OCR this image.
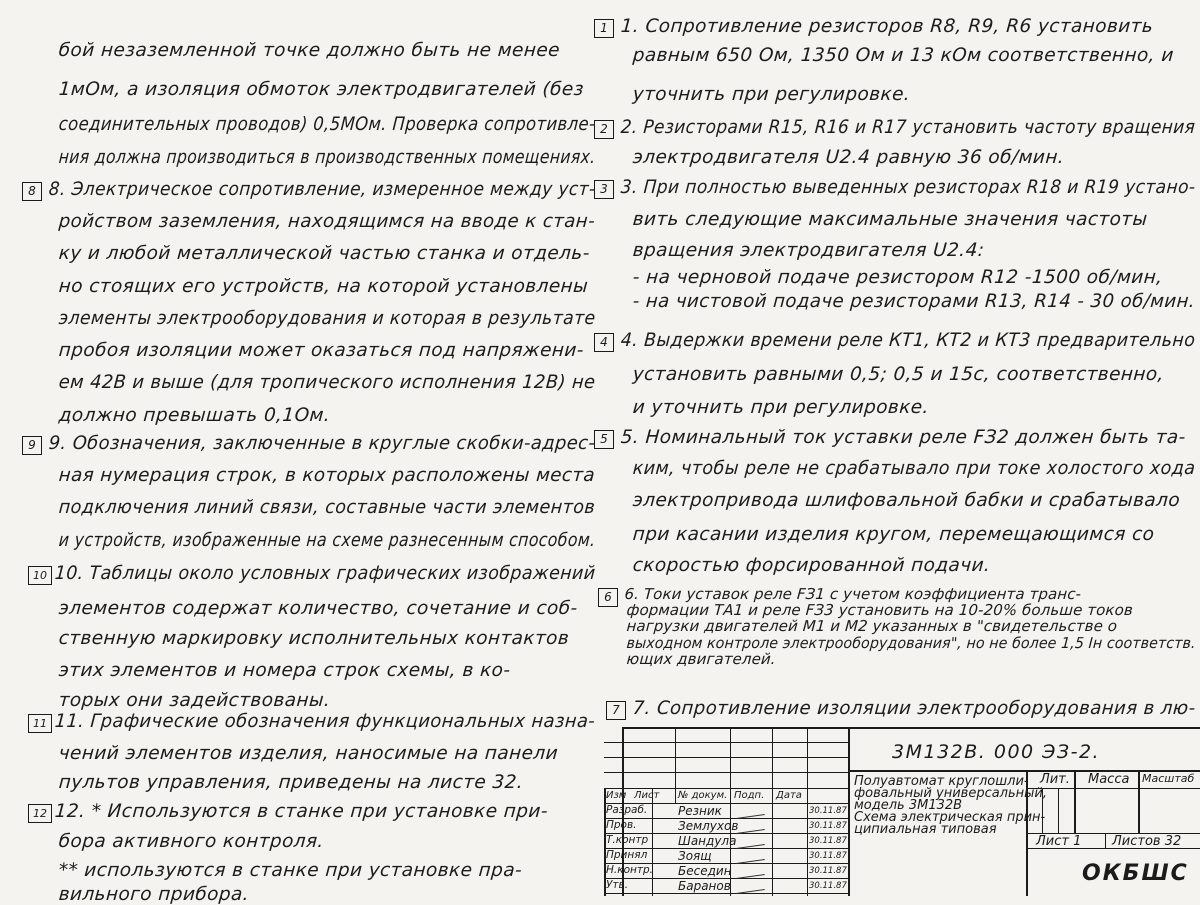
бой незаземленной точке должно быть не менее
1мОм, а изоляция обмоток электродвигателей (без
соединительных проводов) 0,5МОм. Проверка сопротивле-
ния должна производиться в производственных помещениях.
8 8. Электрическое сопротивление, измеренное между уст-
ройством заземления, находящимся на вводе к стан-
ку и любой металлической частью станка и отдель-
но стоящих его устройств, на которой установлены
элементы электрооборудования и которая в результате
пробоя изоляции может оказаться под напряжени-
ем 42В и выше (для тропического исполнения 12В) не
должно превышать 0,1Ом.
9 9. Обозначения, заключенные в круглые скобки-адрес-
ная нумерация строк, в которых расположены места
подключения линий связи, составные части элементов
и устройств, изображенные на схеме разнесенным способом.
10 10. Таблицы около условных графических изображений
элементов содержат количество, сочетание и соб-
ственную маркировку исполнительных контактов
этих элементов и номера строк схемы, в ко-
торых они задействованы.
11 11. Графические обозначения функциональных назна-
чений элементов изделия, наносимые на панели
пультов управления, приведены на листе 32.
12 12. * Используются в станке при установке при-
бора активного контроля.
** используются в станке при установке пра-
вильного прибора.
1 1. Сопротивление резисторов R8, R9, R6 установить
равным 650 Ом, 1350 Ом и 13 кОм соответственно, и
уточнить при регулировке.
2 2. Резисторами R15, R16 и R17 установить частоту вращения
электродвигателя U2.4 равную 36 об/мин.
3 3. При полностью выведенных резисторах R18 и R19 устано-
вить следующие максимальные значения частоты
вращения электродвигателя U2.4:
- на черновой подаче резистором R12 -1500 об/мин,
- на чистовой подаче резисторами R13, R14 - 30 об/мин.
4 4. Выдержки времени реле КТ1, КТ2 и КТ3 предварительно
установить равными 0,5; 0,5 и 15с, соответственно,
и уточнить при регулировке.
5 5. Номинальный ток уставки реле FЗ2 должен быть та-
ким, чтобы реле не срабатывало при токе холостого хода
электропривода шлифовальной бабки и срабатывало
при касании изделия кругом, перемещающимся со
скоростью форсированной подачи.
6 6. Токи уставок реле FЗ1 с учетом коэффициента транс-
формации ТА1 и реле FЗ3 установить на 10-20% больше токов
нагрузки двигателей М1 и М2 указанных в "свидетельстве о
выходном контроле электрооборудования", но не более 1,5 Iн соответств.
ющих двигателей.
7 7. Сопротивление изоляции электрооборудования в лю-
3М132В. 000 ЭЗ-2.
Полуавтомат круглошли-
фовальный универсальный,
модель 3М132В
Схема электрическая прин-
ципиальная типовая
Лит. Масса Масштаб
Лист 1 Листов 32
ОКБШС
Изм Лист № докум. Подп. Дата
Разраб.	Резник	30.11.87
Пров.	Землухов	30.11.87
Т.контр Шандула	30.11.87
Принял	Зоящ	30.11.87
Н.контр. Беседин	30.11.87
Утв.	Баранов	30.11.87
